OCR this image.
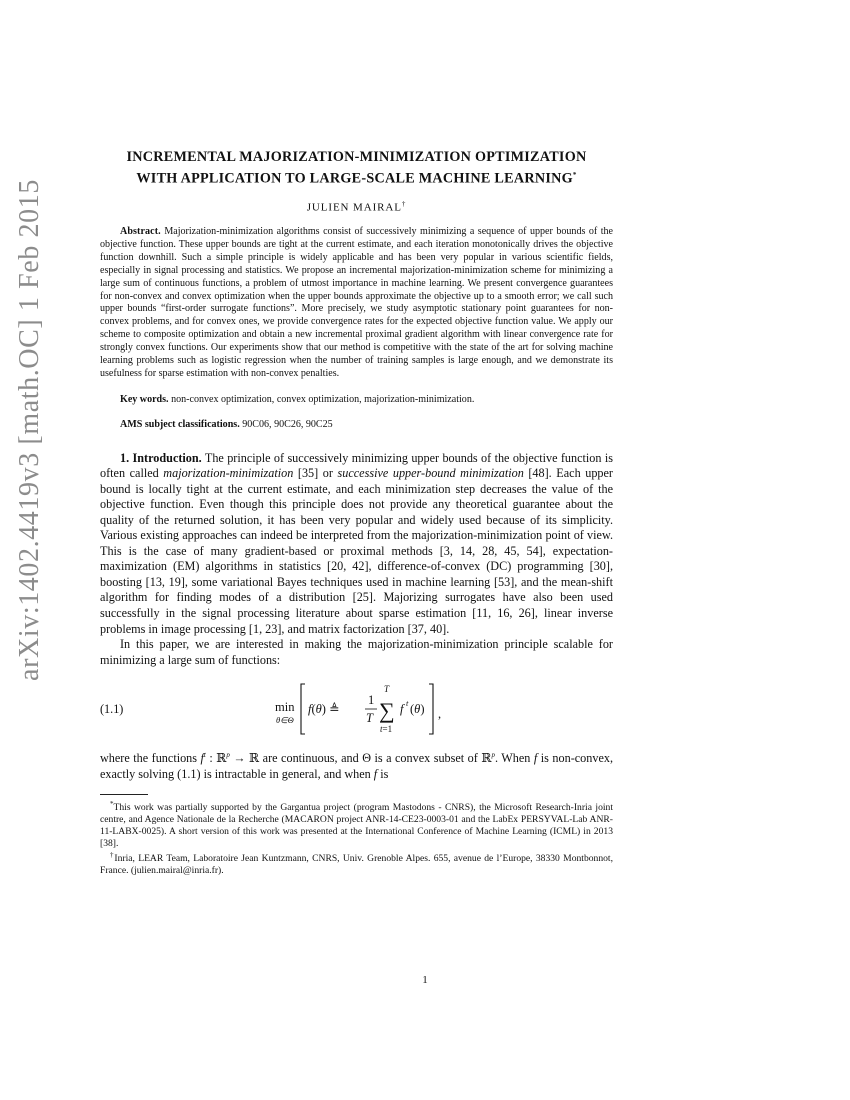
arXiv:1402.4419v3 [math.OC] 1 Feb 2015

INCREMENTAL MAJORIZATION-MINIMIZATION OPTIMIZATION
WITH APPLICATION TO LARGE-SCALE MACHINE LEARNING*

JULIEN MAIRAL†

Abstract. Majorization-minimization algorithms consist of successively minimizing a sequence of upper bounds of the objective function. These upper bounds are tight at the current estimate, and each iteration monotonically drives the objective function downhill. Such a simple principle is widely applicable and has been very popular in various scientific fields, especially in signal processing and statistics. We propose an incremental majorization-minimization scheme for minimizing a large sum of continuous functions, a problem of utmost importance in machine learning. We present convergence guarantees for non-convex and convex optimization when the upper bounds approximate the objective up to a smooth error; we call such upper bounds “first-order surrogate functions”. More precisely, we study asymptotic stationary point guarantees for non-convex problems, and for convex ones, we provide convergence rates for the expected objective function value. We apply our scheme to composite optimization and obtain a new incremental proximal gradient algorithm with linear convergence rate for strongly convex functions. Our experiments show that our method is competitive with the state of the art for solving machine learning problems such as logistic regression when the number of training samples is large enough, and we demonstrate its usefulness for sparse estimation with non-convex penalties.

Key words. non-convex optimization, convex optimization, majorization-minimization.

AMS subject classifications. 90C06, 90C26, 90C25

1. Introduction. The principle of successively minimizing upper bounds of the objective function is often called majorization-minimization [35] or successive upper-bound minimization [48]. Each upper bound is locally tight at the current estimate, and each minimization step decreases the value of the objective function. Even though this principle does not provide any theoretical guarantee about the quality of the returned solution, it has been very popular and widely used because of its simplicity. Various existing approaches can indeed be interpreted from the majorization-minimization point of view. This is the case of many gradient-based or proximal methods [3, 14, 28, 45, 54], expectation-maximization (EM) algorithms in statistics [20, 42], difference-of-convex (DC) programming [30], boosting [13, 19], some variational Bayes techniques used in machine learning [53], and the mean-shift algorithm for finding modes of a distribution [25]. Majorizing surrogates have also been used successfully in the signal processing literature about sparse estimation [11, 16, 26], linear inverse problems in image processing [1, 23], and matrix factorization [37, 40].

In this paper, we are interested in making the majorization-minimization principle scalable for minimizing a large sum of functions:

(1.1)	min
θ∈Θ
f(θ) ≜
1
T
T
∑
t=1
f t (θ) ,

where the functions $f^t$ : ℝ$^p$ → ℝ are continuous, and Θ is a convex subset of ℝ$^p$. When f is non-convex, exactly solving (1.1) is intractable in general, and when f is

*This work was partially supported by the Gargantua project (program Mastodons - CNRS), the Microsoft Research-Inria joint centre, and Agence Nationale de la Recherche (MACARON project ANR-14-CE23-0003-01 and the LabEx PERSYVAL-Lab ANR-11-LABX-0025). A short version of this work was presented at the International Conference of Machine Learning (ICML) in 2013 [38].

†Inria, LEAR Team, Laboratoire Jean Kuntzmann, CNRS, Univ. Grenoble Alpes. 655, avenue de l’Europe, 38330 Montbonnot, France. (julien.mairal@inria.fr).

1
